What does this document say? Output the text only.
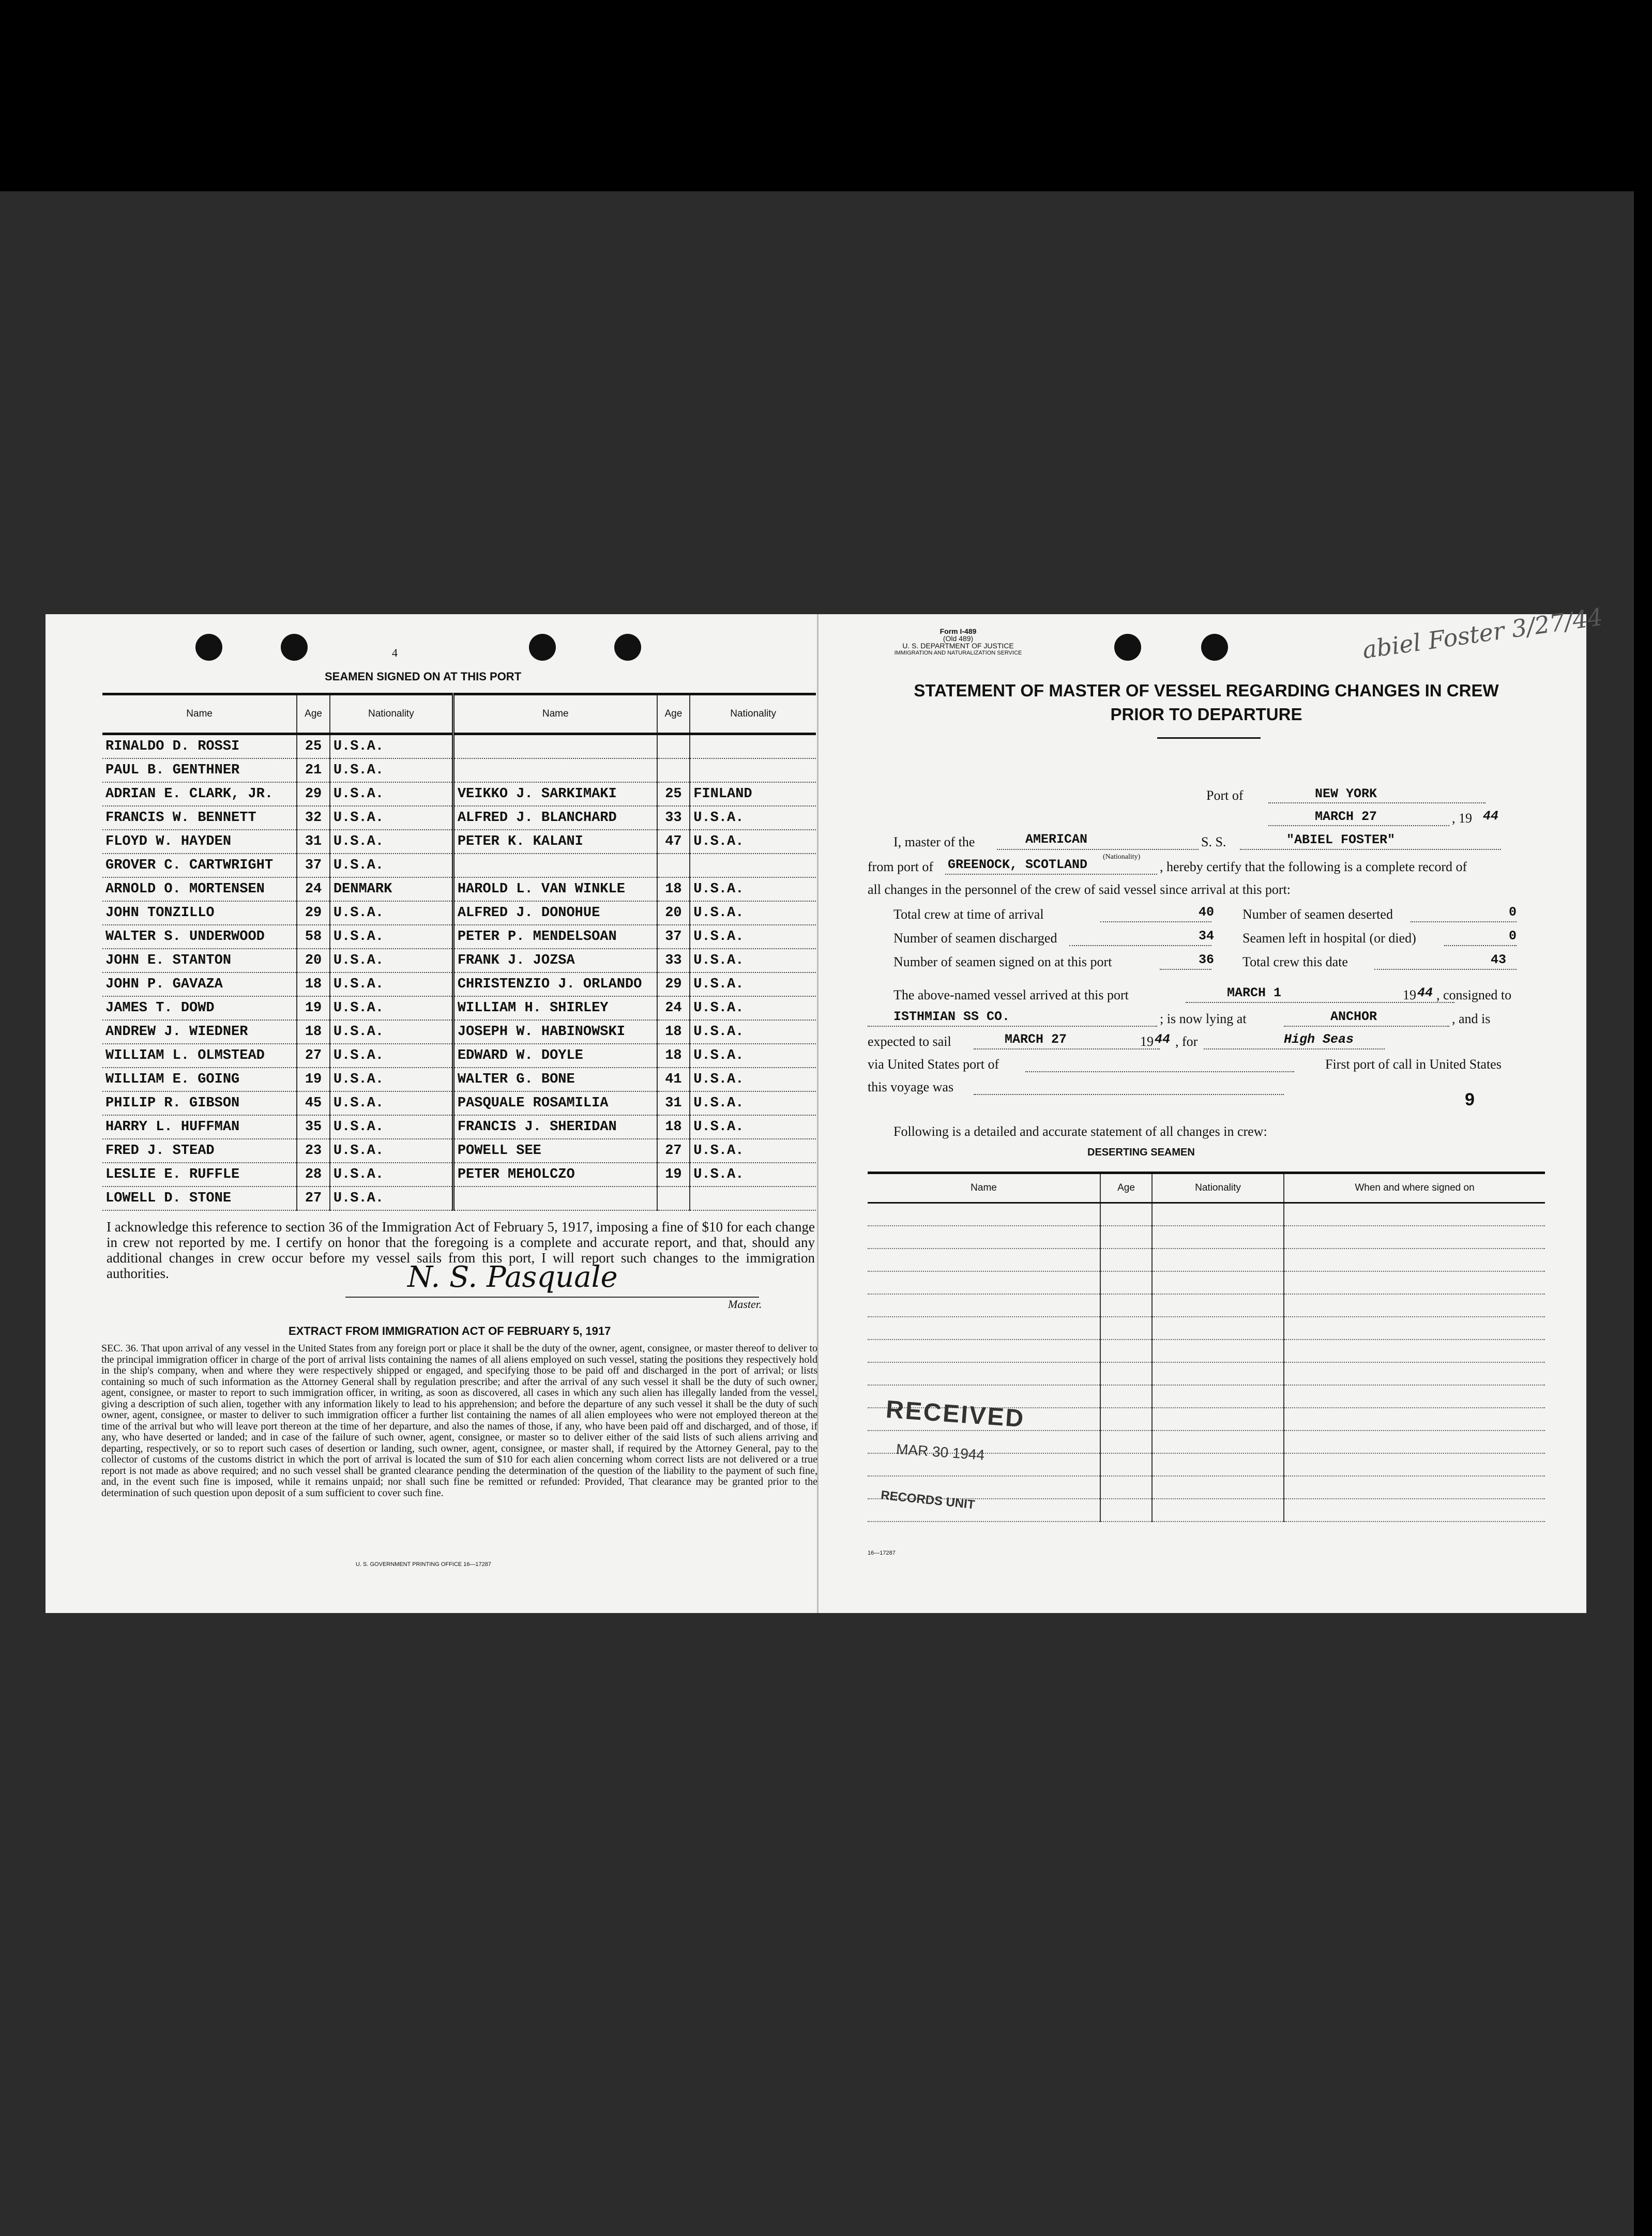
4
SEAMEN SIGNED ON AT THIS PORT
Name	Age	Nationality	Name	Age	Nationality
RINALDO D. ROSSI	25	U.S.A.			
PAUL B. GENTHNER	21	U.S.A.			
ADRIAN E. CLARK, JR.	29	U.S.A.	VEIKKO J. SARKIMAKI	25	FINLAND
FRANCIS W. BENNETT	32	U.S.A.	ALFRED J. BLANCHARD	33	U.S.A.
FLOYD W. HAYDEN	31	U.S.A.	PETER K. KALANI	47	U.S.A.
GROVER C. CARTWRIGHT	37	U.S.A.			
ARNOLD O. MORTENSEN	24	DENMARK	HAROLD L. VAN WINKLE	18	U.S.A.
JOHN TONZILLO	29	U.S.A.	ALFRED J. DONOHUE	20	U.S.A.
WALTER S. UNDERWOOD	58	U.S.A.	PETER P. MENDELSOAN	37	U.S.A.
JOHN E. STANTON	20	U.S.A.	FRANK J. JOZSA	33	U.S.A.
JOHN P. GAVAZA	18	U.S.A.	CHRISTENZIO J. ORLANDO	29	U.S.A.
JAMES T. DOWD	19	U.S.A.	WILLIAM H. SHIRLEY	24	U.S.A.
ANDREW J. WIEDNER	18	U.S.A.	JOSEPH W. HABINOWSKI	18	U.S.A.
WILLIAM L. OLMSTEAD	27	U.S.A.	EDWARD W. DOYLE	18	U.S.A.
WILLIAM E. GOING	19	U.S.A.	WALTER G. BONE	41	U.S.A.
PHILIP R. GIBSON	45	U.S.A.	PASQUALE ROSAMILIA	31	U.S.A.
HARRY L. HUFFMAN	35	U.S.A.	FRANCIS J. SHERIDAN	18	U.S.A.
FRED J. STEAD	23	U.S.A.	POWELL SEE	27	U.S.A.
LESLIE E. RUFFLE	28	U.S.A.	PETER MEHOLCZO	19	U.S.A.
LOWELL D. STONE	27	U.S.A.			
I acknowledge this reference to section 36 of the Immigration Act of February 5, 1917, imposing a fine of $10 for each change in crew not reported by me. I certify on honor that the foregoing is a complete and accurate report, and that, should any additional changes in crew occur before my vessel sails from this port, I will report such changes to the immigration authorities.	N. S. Pasquale
Master.
EXTRACT FROM IMMIGRATION ACT OF FEBRUARY 5, 1917
SEC. 36. That upon arrival of any vessel in the United States from any foreign port or place it shall be the duty of the owner, agent, consignee, or master thereof to deliver to the principal immigration officer in charge of the port of arrival lists containing the names of all aliens employed on such vessel, stating the positions they respectively hold in the ship's company, when and where they were respectively shipped or engaged, and specifying those to be paid off and discharged in the port of arrival; or lists containing so much of such information as the Attorney General shall by regulation prescribe; and after the arrival of any such vessel it shall be the duty of such owner, agent, consignee, or master to report to such immigration officer, in writing, as soon as discovered, all cases in which any such alien has illegally landed from the vessel, giving a description of such alien, together with any information likely to lead to his apprehension; and before the departure of any such vessel it shall be the duty of such owner, agent, consignee, or master to deliver to such immigration officer a further list containing the names of all alien employees who were not employed thereon at the time of the arrival but who will leave port thereon at the time of her departure, and also the names of those, if any, who have been paid off and discharged, and of those, if any, who have deserted or landed; and in case of the failure of such owner, agent, consignee, or master so to deliver either of the said lists of such aliens arriving and departing, respectively, or so to report such cases of desertion or landing, such owner, agent, consignee, or master shall, if required by the Attorney General, pay to the collector of customs of the customs district in which the port of arrival is located the sum of $10 for each alien concerning whom correct lists are not delivered or a true report is not made as above required; and no such vessel shall be granted clearance pending the determination of the question of the liability to the payment of such fine, and, in the event such fine is imposed, while it remains unpaid; nor shall such fine be remitted or refunded: Provided, That clearance may be granted prior to the determination of such question upon deposit of a sum sufficient to cover such fine.
U. S. GOVERNMENT PRINTING OFFICE 16—17287
Form I-489
(Old 489)
U. S. DEPARTMENT OF JUSTICE
IMMIGRATION AND NATURALIZATION SERVICE	abiel Foster 3/27/44
STATEMENT OF MASTER OF VESSEL REGARDING CHANGES IN CREW
PRIOR TO DEPARTURE
Port of	NEW YORK
MARCH 27	, 19 44
I, master of the	AMERICAN	S. S.	"ABIEL FOSTER"
from port of GREENOCK, SCOTLAND
(Nationality)
, hereby certify that the following is a complete record of
all changes in the personnel of the crew of said vessel since arrival at this port:
Total crew at time of arrival	40 Number of seamen deserted	0
Number of seamen discharged	34 Seamen left in hospital (or died)	0
Number of seamen signed on at this port	36 Total crew this date	43
The above-named vessel arrived at this port	MARCH 1	19 44 , consigned to
ISTHMIAN SS CO.	; is now lying at	ANCHOR	, and is
expected to sail	MARCH 27	19 44 , for	High Seas
via United States port of	First port of call in United States
this voyage was
9
Following is a detailed and accurate statement of all changes in crew:
DESERTING SEAMEN
Name	Age	Nationality	When and where signed on

RECEIVED
MAR 30 1944
RECORDS UNIT
16—17287
